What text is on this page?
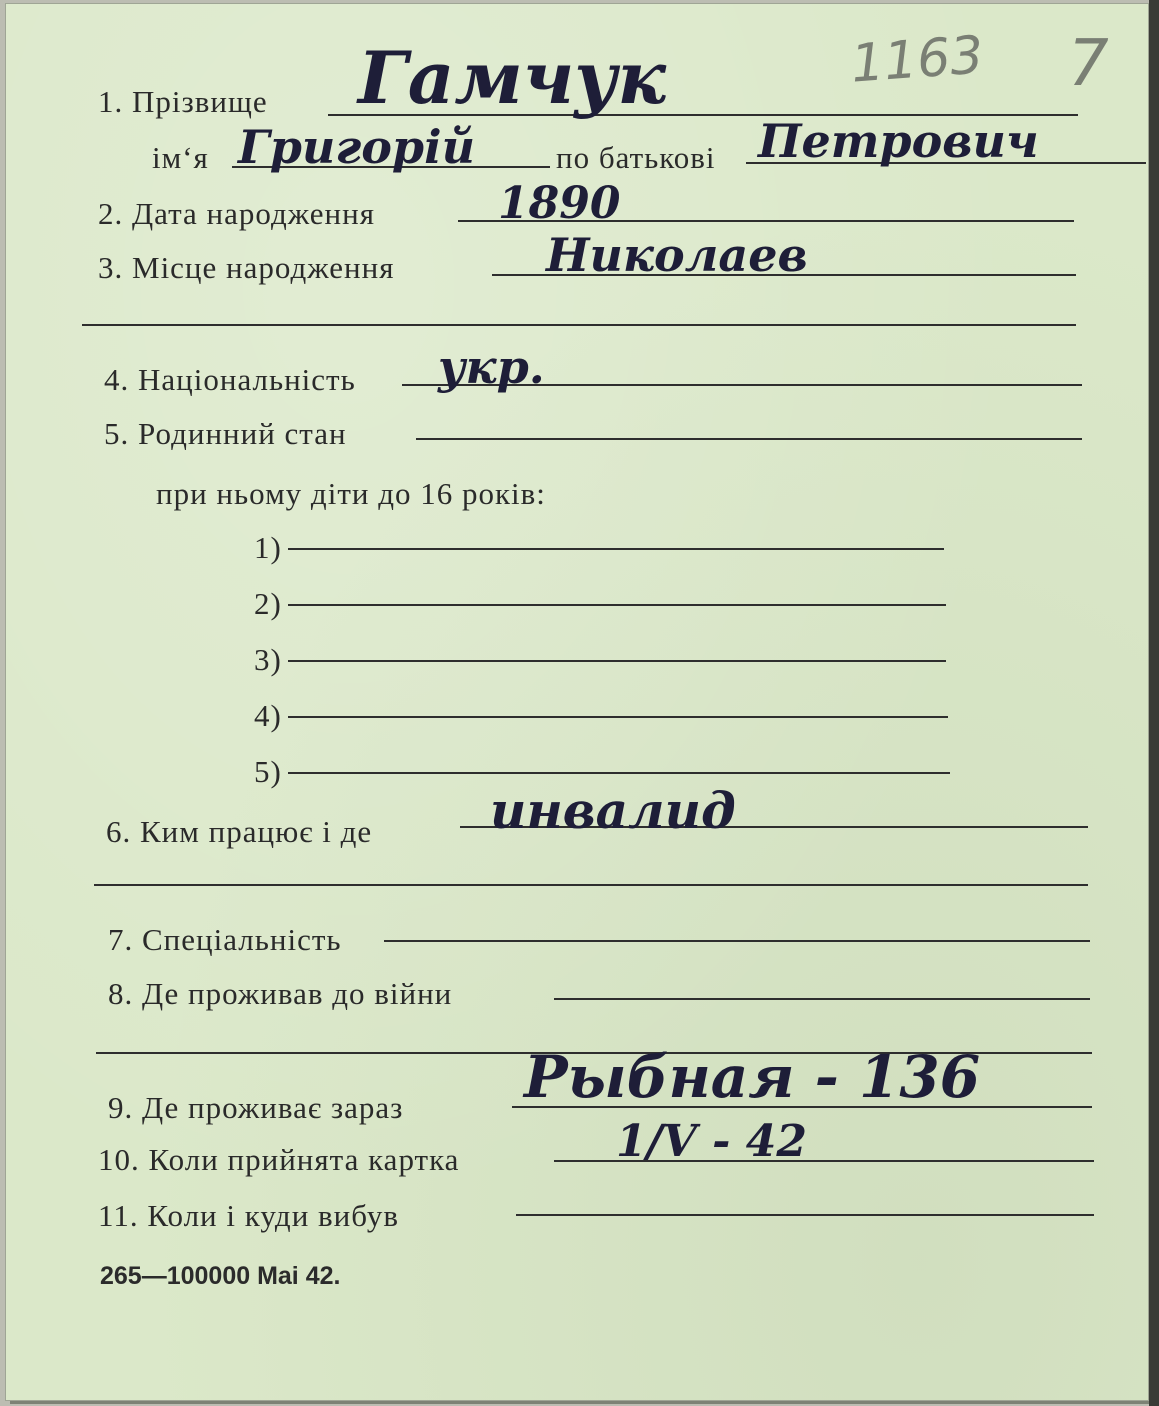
1163 7
1. Прізвище Гамчук
ім‘я Григорій	по батькові Петрович
2. Дата народження	1890
3. Місце народження	Николаев
4. Національність укр.
5. Родинний стан
при ньому діти до 16 років:
1)
2)
3)
4)
5)
6. Ким працює і де инвалид
7. Спеціальність
8. Де проживав до війни
9. Де проживає зараз Рыбная - 136
10. Коли прийнята картка	1/V - 42
11. Коли і куди вибув
265—100000 Mai 42.
